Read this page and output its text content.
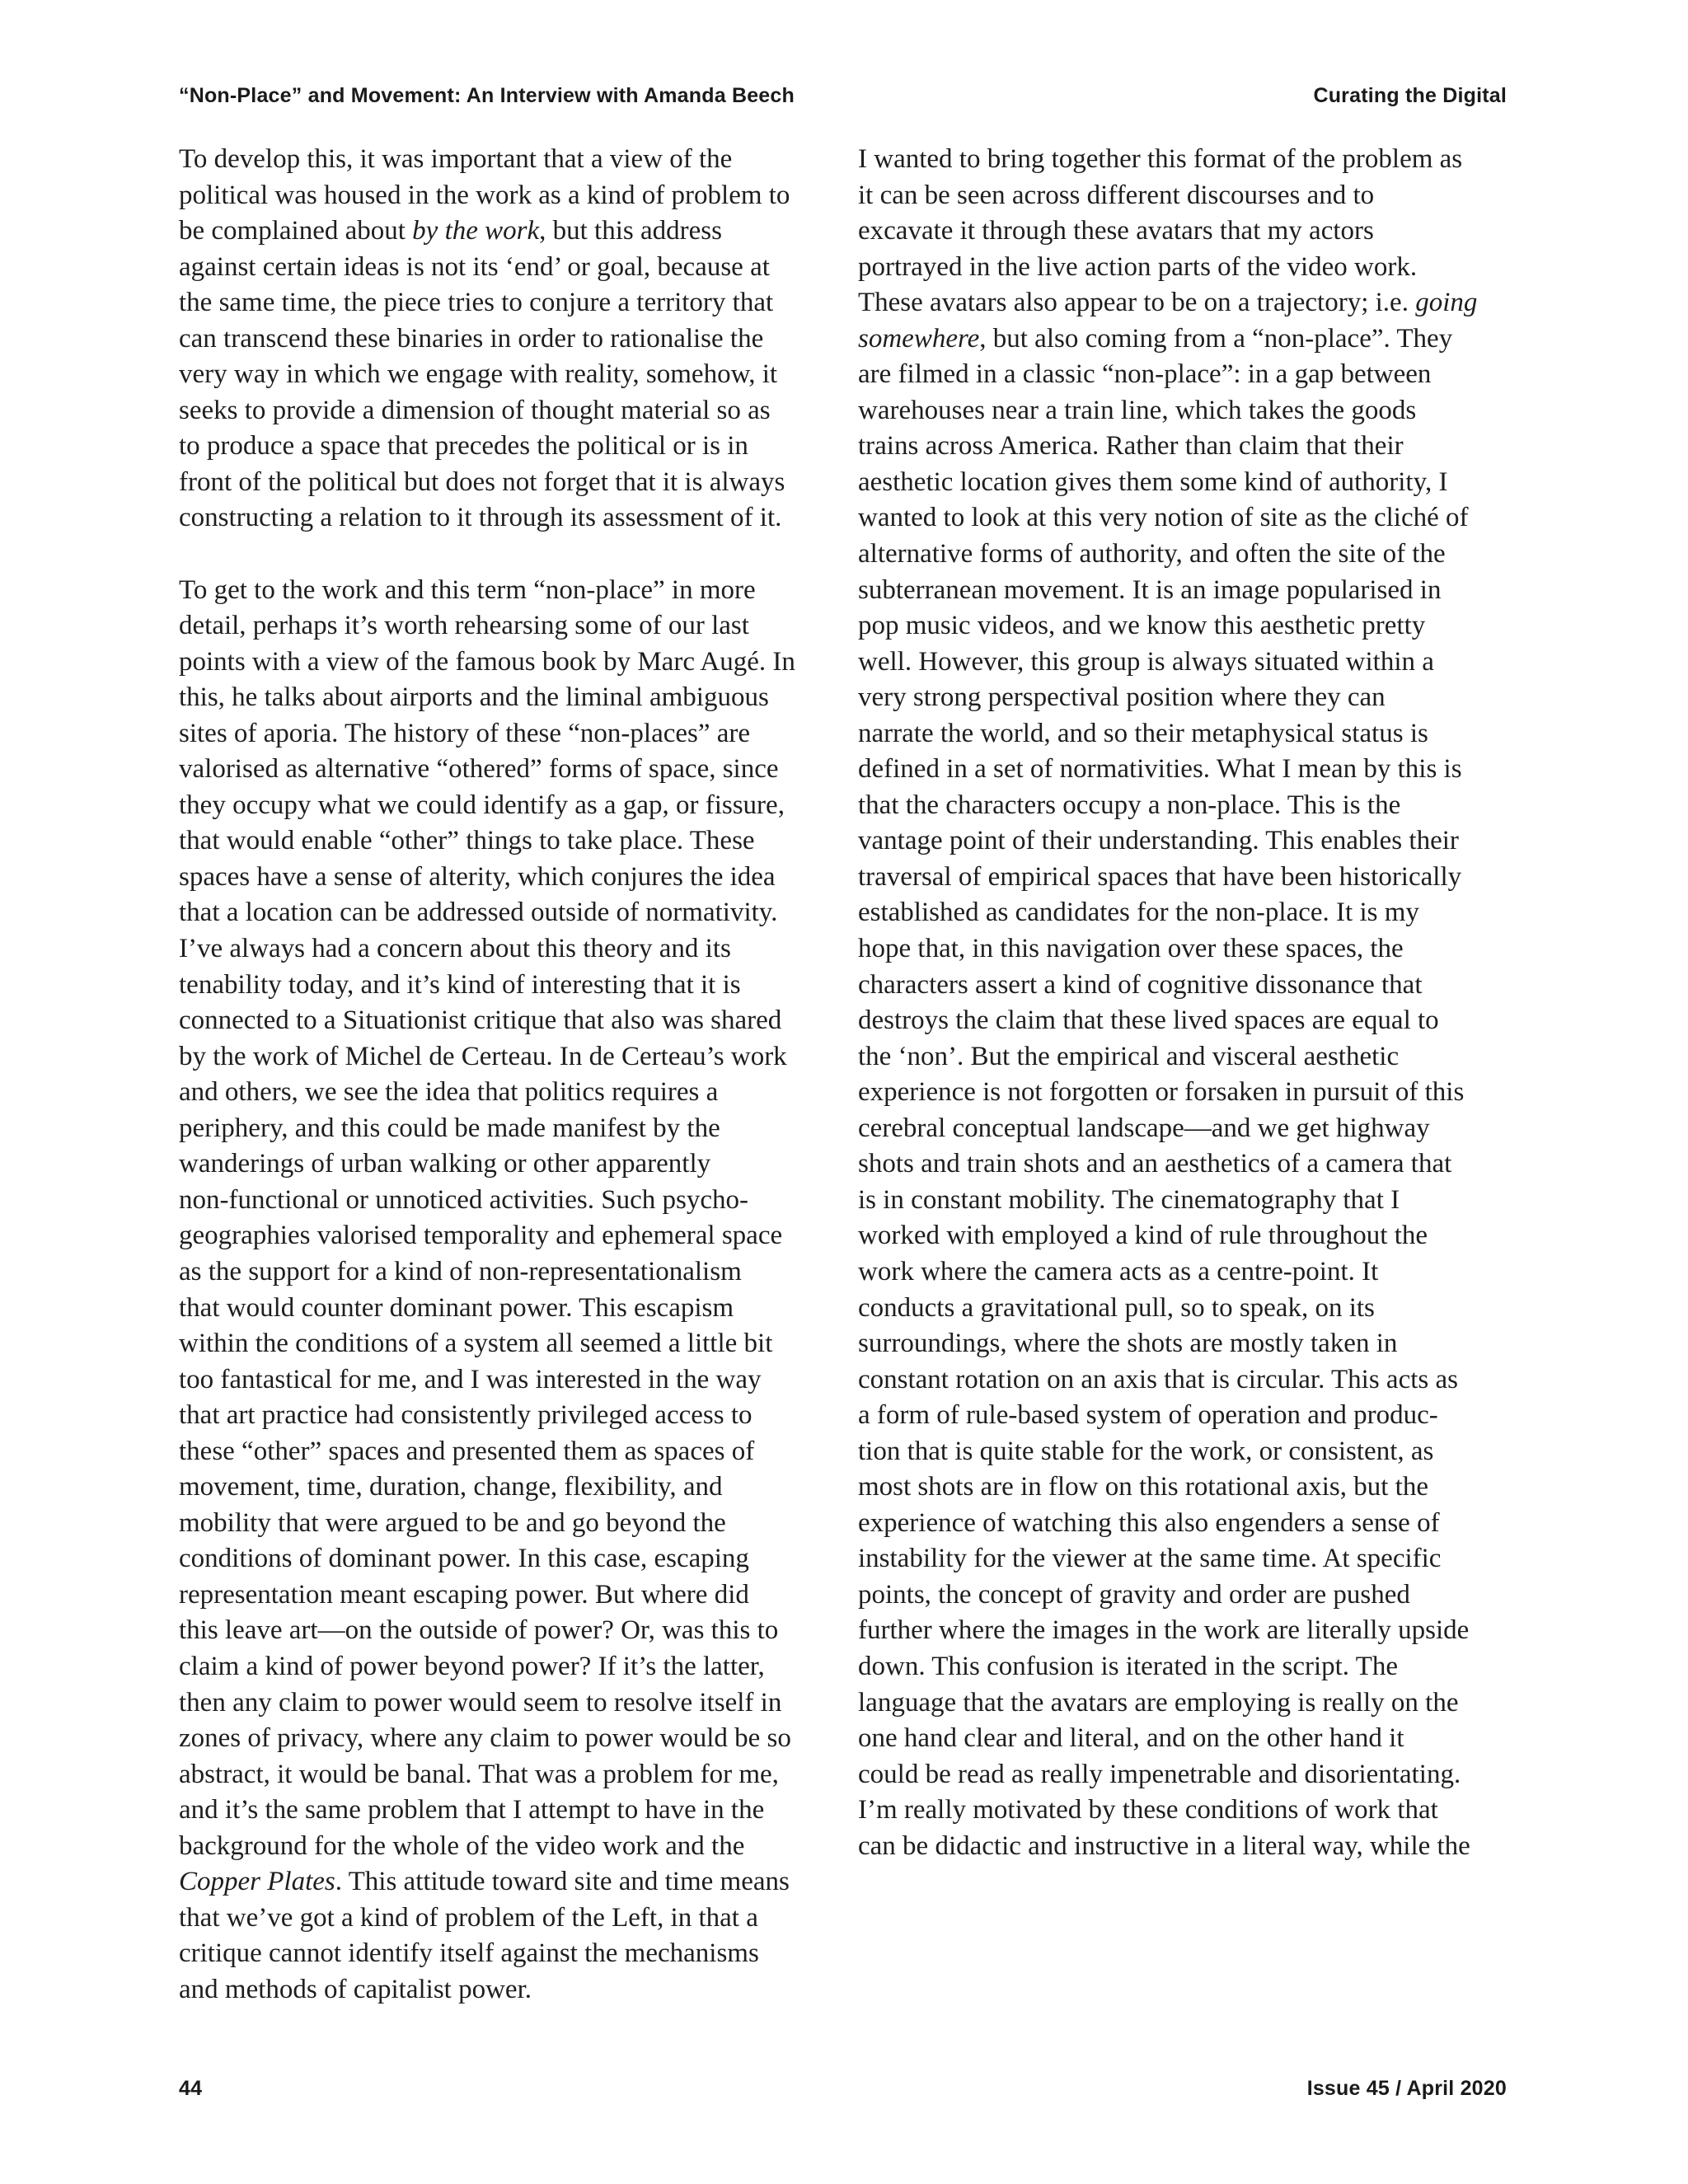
“Non-Place” and Movement: An Interview with Amanda Beech	Curating the Digital

To develop this, it was important that a view of the
political was housed in the work as a kind of problem to
be complained about by the work, but this address
against certain ideas is not its ‘end’ or goal, because at
the same time, the piece tries to conjure a territory that
can transcend these binaries in order to rationalise the
very way in which we engage with reality, somehow, it
seeks to provide a dimension of thought material so as
to produce a space that precedes the political or is in
front of the political but does not forget that it is always
constructing a relation to it through its assessment of it.

To get to the work and this term “non-place” in more
detail, perhaps it’s worth rehearsing some of our last
points with a view of the famous book by Marc Augé. In
this, he talks about airports and the liminal ambiguous
sites of aporia. The history of these “non-places” are
valorised as alternative “othered” forms of space, since
they occupy what we could identify as a gap, or fissure,
that would enable “other” things to take place. These
spaces have a sense of alterity, which conjures the idea
that a location can be addressed outside of normativity.
I’ve always had a concern about this theory and its
tenability today, and it’s kind of interesting that it is
connected to a Situationist critique that also was shared
by the work of Michel de Certeau. In de Certeau’s work
and others, we see the idea that politics requires a
periphery, and this could be made manifest by the
wanderings of urban walking or other apparently
non-functional or unnoticed activities. Such psycho-
geographies valorised temporality and ephemeral space
as the support for a kind of non-representationalism
that would counter dominant power. This escapism
within the conditions of a system all seemed a little bit
too fantastical for me, and I was interested in the way
that art practice had consistently privileged access to
these “other” spaces and presented them as spaces of
movement, time, duration, change, flexibility, and
mobility that were argued to be and go beyond the
conditions of dominant power. In this case, escaping
representation meant escaping power. But where did
this leave art—on the outside of power? Or, was this to
claim a kind of power beyond power? If it’s the latter,
then any claim to power would seem to resolve itself in
zones of privacy, where any claim to power would be so
abstract, it would be banal. That was a problem for me,
and it’s the same problem that I attempt to have in the
background for the whole of the video work and the
Copper Plates. This attitude toward site and time means
that we’ve got a kind of problem of the Left, in that a
critique cannot identify itself against the mechanisms
and methods of capitalist power.

I wanted to bring together this format of the problem as
it can be seen across different discourses and to
excavate it through these avatars that my actors
portrayed in the live action parts of the video work.
These avatars also appear to be on a trajectory; i.e. going
somewhere, but also coming from a “non-place”. They
are filmed in a classic “non-place”: in a gap between
warehouses near a train line, which takes the goods
trains across America. Rather than claim that their
aesthetic location gives them some kind of authority, I
wanted to look at this very notion of site as the cliché of
alternative forms of authority, and often the site of the
subterranean movement. It is an image popularised in
pop music videos, and we know this aesthetic pretty
well. However, this group is always situated within a
very strong perspectival position where they can
narrate the world, and so their metaphysical status is
defined in a set of normativities. What I mean by this is
that the characters occupy a non-place. This is the
vantage point of their understanding. This enables their
traversal of empirical spaces that have been historically
established as candidates for the non-place. It is my
hope that, in this navigation over these spaces, the
characters assert a kind of cognitive dissonance that
destroys the claim that these lived spaces are equal to
the ‘non’. But the empirical and visceral aesthetic
experience is not forgotten or forsaken in pursuit of this
cerebral conceptual landscape—and we get highway
shots and train shots and an aesthetics of a camera that
is in constant mobility. The cinematography that I
worked with employed a kind of rule throughout the
work where the camera acts as a centre-point. It
conducts a gravitational pull, so to speak, on its
surroundings, where the shots are mostly taken in
constant rotation on an axis that is circular. This acts as
a form of rule-based system of operation and produc-
tion that is quite stable for the work, or consistent, as
most shots are in flow on this rotational axis, but the
experience of watching this also engenders a sense of
instability for the viewer at the same time. At specific
points, the concept of gravity and order are pushed
further where the images in the work are literally upside
down. This confusion is iterated in the script. The
language that the avatars are employing is really on the
one hand clear and literal, and on the other hand it
could be read as really impenetrable and disorientating.
I’m really motivated by these conditions of work that
can be didactic and instructive in a literal way, while the

44	Issue 45 / April 2020
